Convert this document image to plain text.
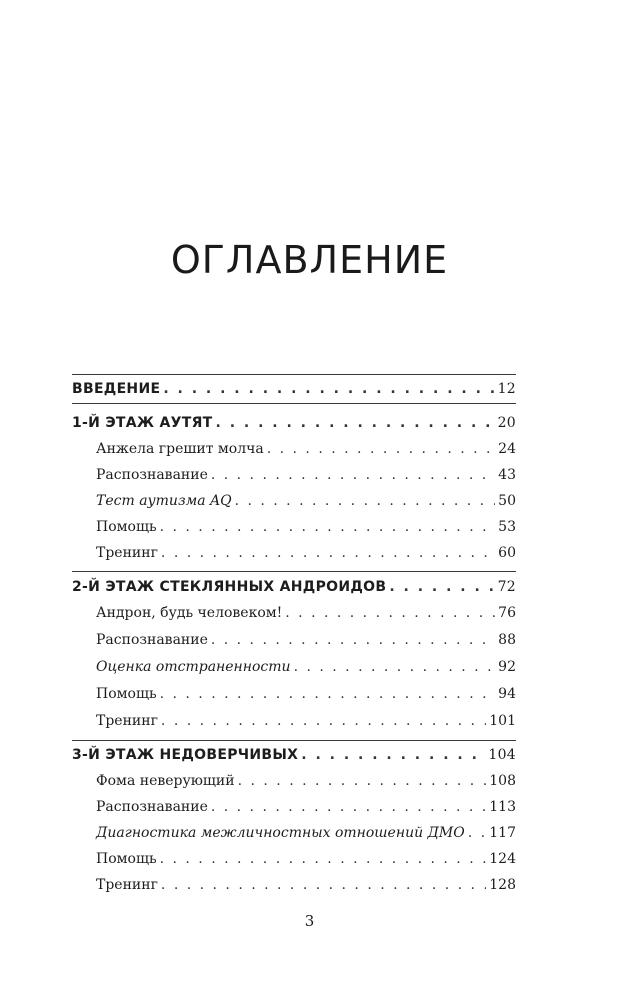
ОГЛАВЛЕНИЕ
ВВЕДЕНИЕ . . .	12
1-Й ЭТАЖ АУТЯТ . . .	20
Анжела грешит молча . . .	24
Распознавание . . .	43
Тест аутизма AQ . . .	50
Помощь . . .	53
Тренинг . . .	60
2-Й ЭТАЖ СТЕКЛЯННЫХ АНДРОИДОВ . . .	72
Андрон, будь человеком! . . .	76
Распознавание . . .	88
Оценка отстраненности . . .	92
Помощь . . .	94
Тренинг . . .	101
3-Й ЭТАЖ НЕДОВЕРЧИВЫХ . . .	104
Фома неверующий . . .	108
Распознавание . . .	113
Диагностика межличностных отношений ДМО . . . 117
Помощь . . .	124
Тренинг . . .	128
3
